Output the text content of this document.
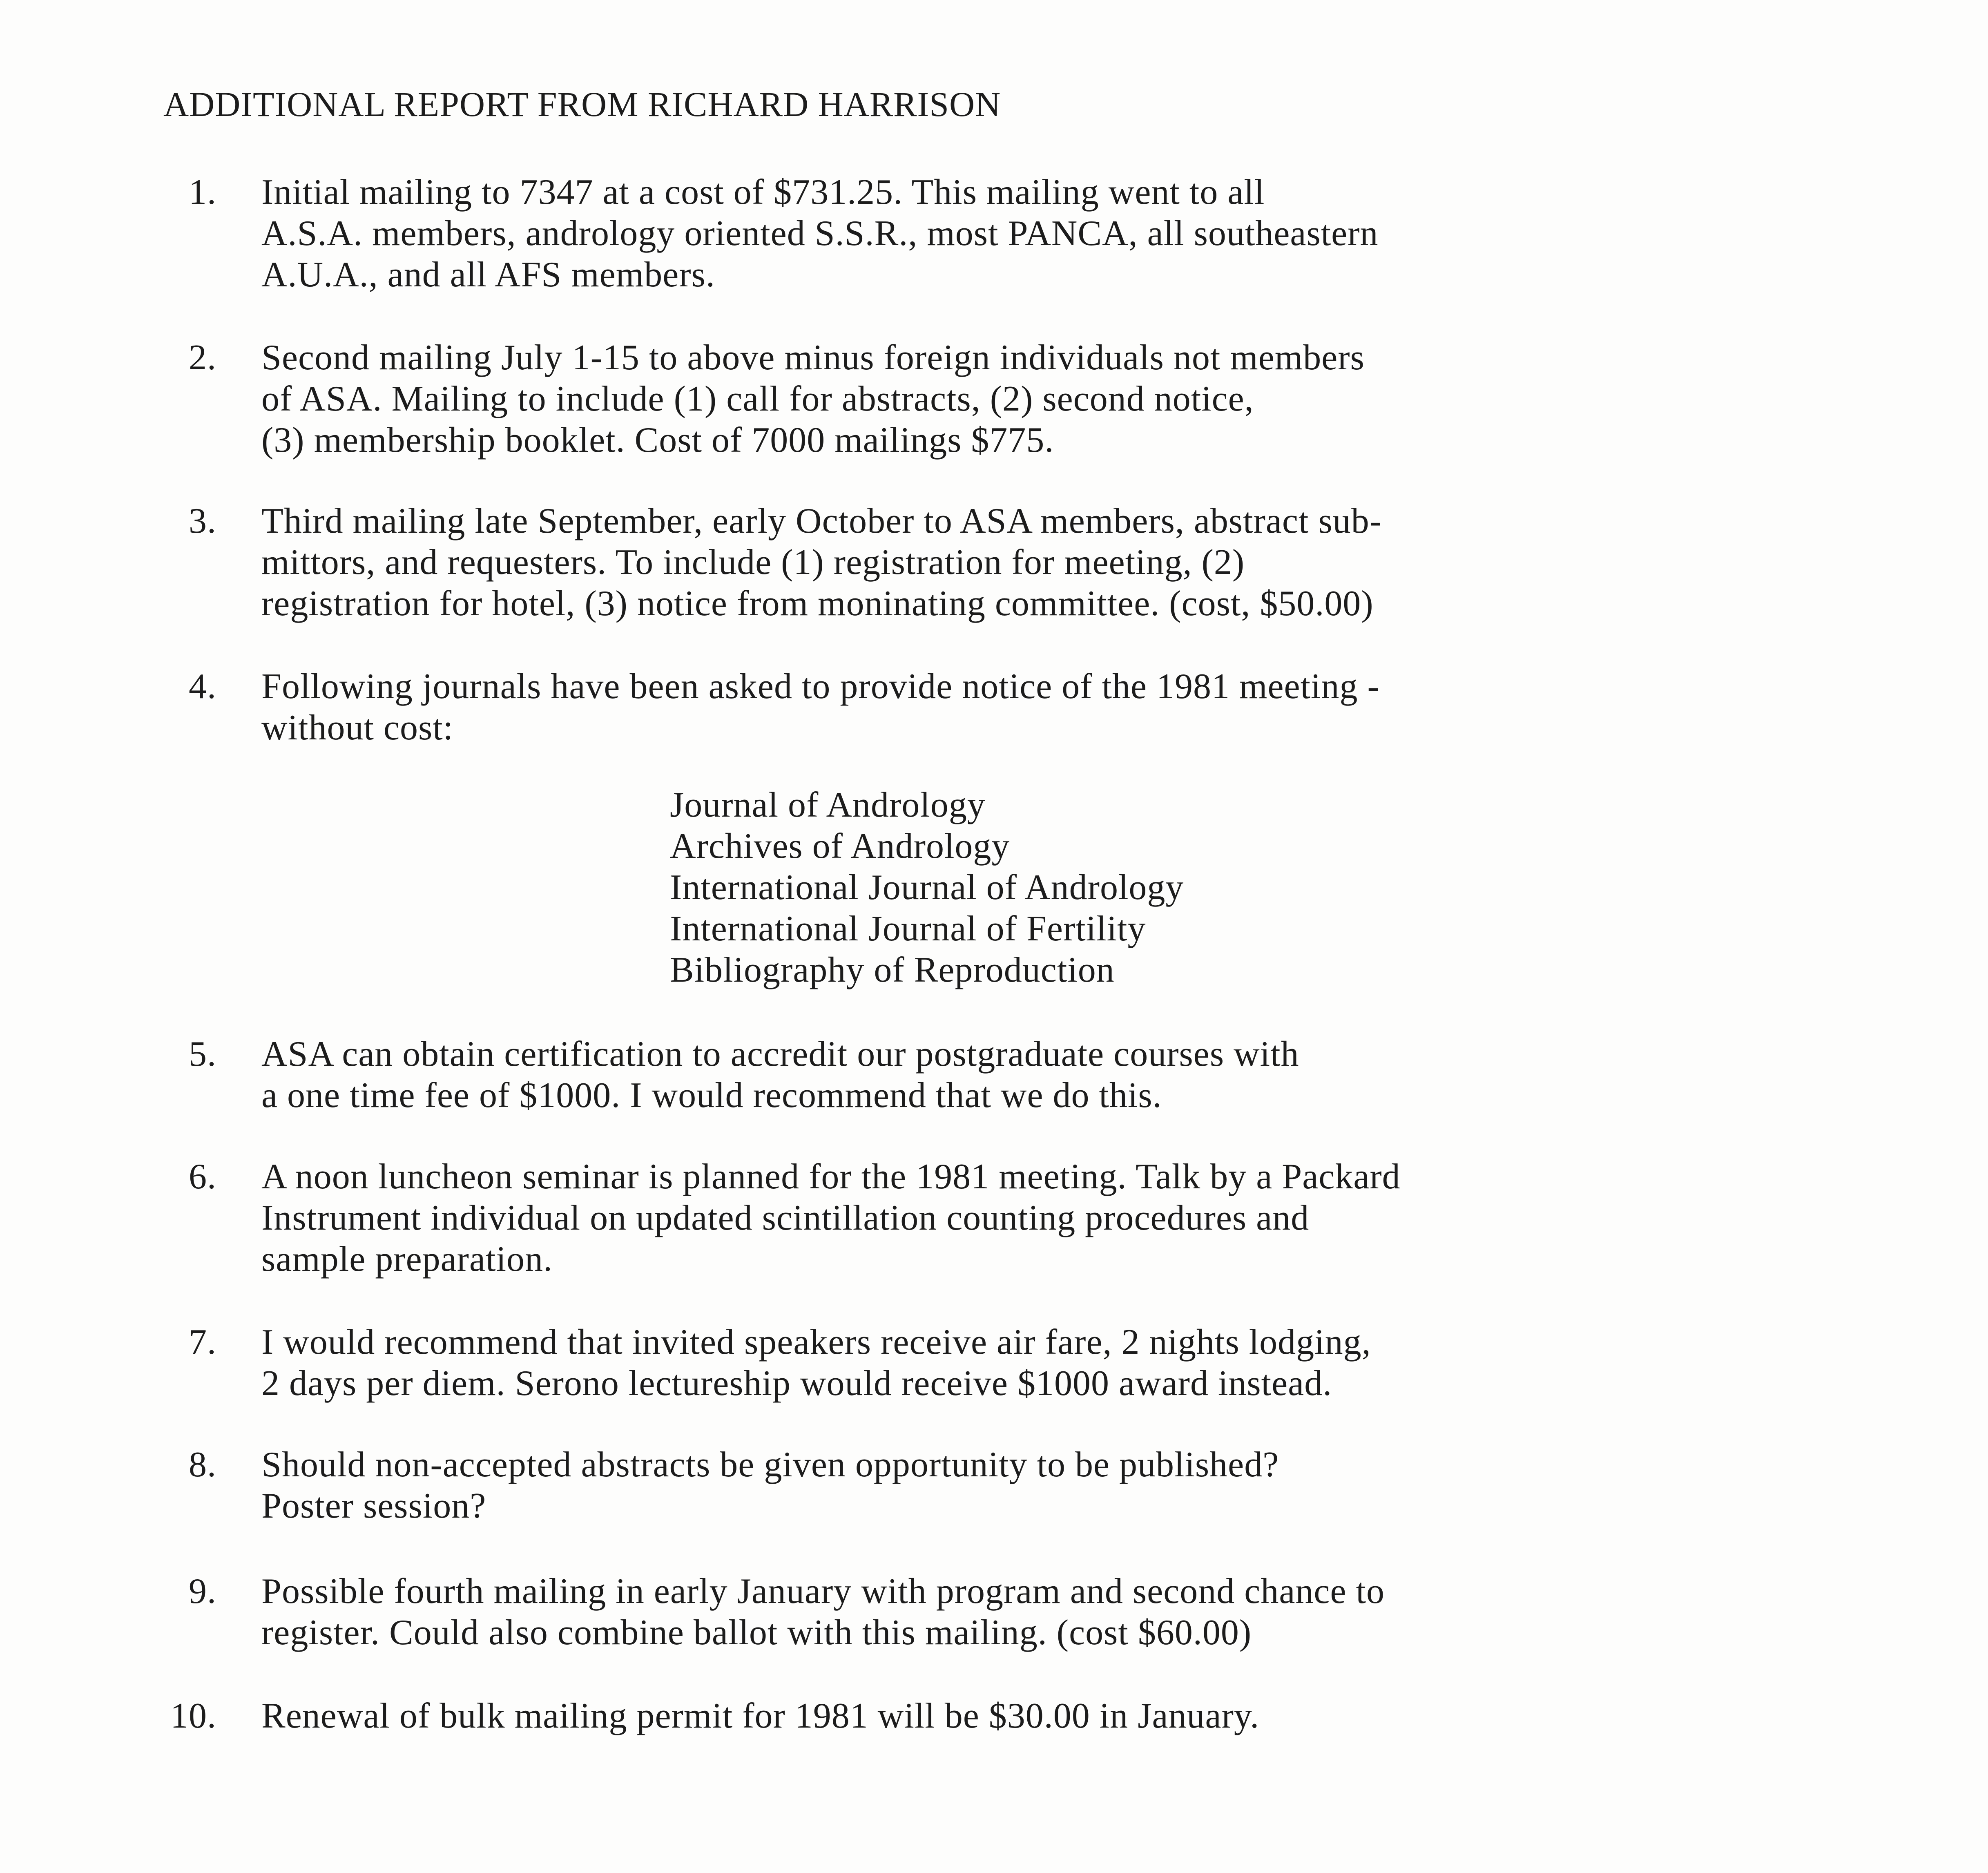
ADDITIONAL REPORT FROM RICHARD HARRISON
1.	Initial mailing to 7347 at a cost of $731.25. This mailing went to all
A.S.A. members, andrology oriented S.S.R., most PANCA, all southeastern
A.U.A., and all AFS members.
2.	Second mailing July 1-15 to above minus foreign individuals not members
of ASA. Mailing to include (1) call for abstracts, (2) second notice,
(3) membership booklet. Cost of 7000 mailings $775.
3.	Third mailing late September, early October to ASA members, abstract sub-
mittors, and requesters. To include (1) registration for meeting, (2)
registration for hotel, (3) notice from moninating committee. (cost, $50.00)
4.	Following journals have been asked to provide notice of the 1981 meeting -
without cost:
Journal of Andrology
Archives of Andrology
International Journal of Andrology
International Journal of Fertility
Bibliography of Reproduction
5.	ASA can obtain certification to accredit our postgraduate courses with
a one time fee of $1000. I would recommend that we do this.
6.	A noon luncheon seminar is planned for the 1981 meeting. Talk by a Packard
Instrument individual on updated scintillation counting procedures and
sample preparation.
7.	I would recommend that invited speakers receive air fare, 2 nights lodging,
2 days per diem. Serono lectureship would receive $1000 award instead.
8.	Should non-accepted abstracts be given opportunity to be published?
Poster session?
9.	Possible fourth mailing in early January with program and second chance to
register. Could also combine ballot with this mailing. (cost $60.00)
10.	Renewal of bulk mailing permit for 1981 will be $30.00 in January.
